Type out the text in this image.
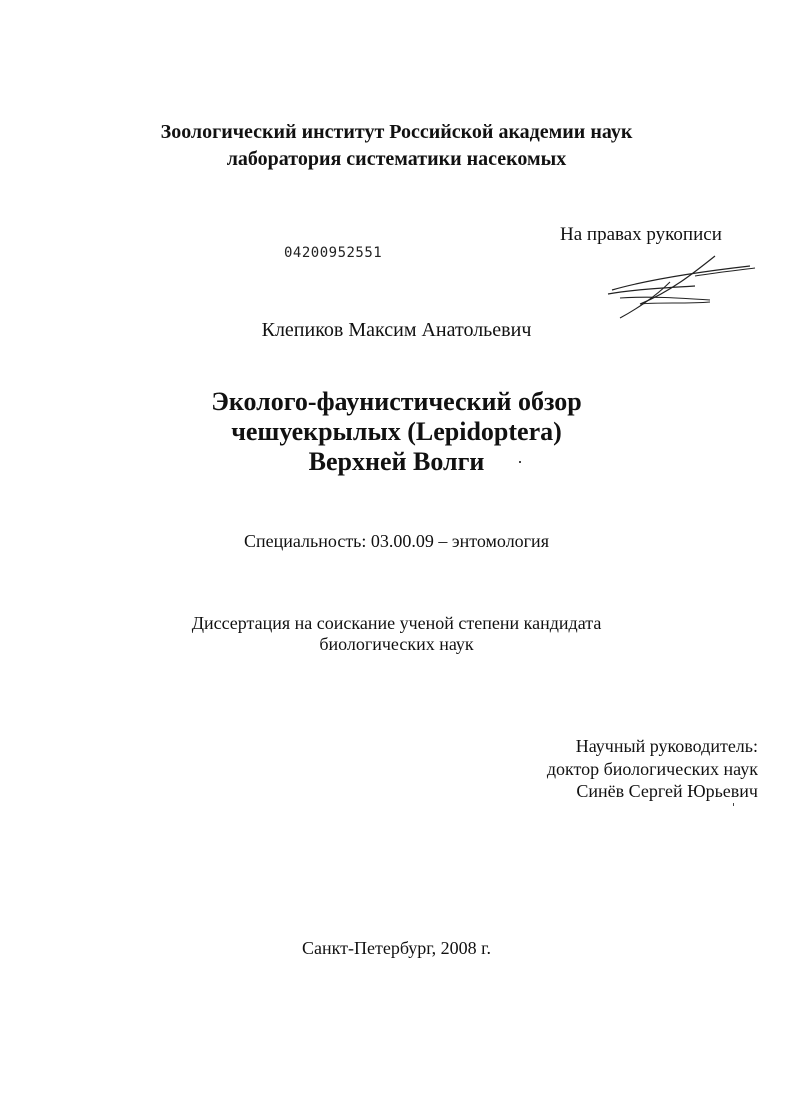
Зоологический институт Российской академии наук
лаборатория систематики насекомых
На правах рукописи
04200952551
Клепиков Максим Анатольевич
Эколого-фаунистический обзор
чешуекрылых (Lepidoptera)
Верхней Волги
Специальность: 03.00.09 – энтомология
Диссертация на соискание ученой степени кандидата
биологических наук
Научный руководитель:
доктор биологических наук
Синёв Сергей Юрьевич
Санкт-Петербург, 2008 г.
